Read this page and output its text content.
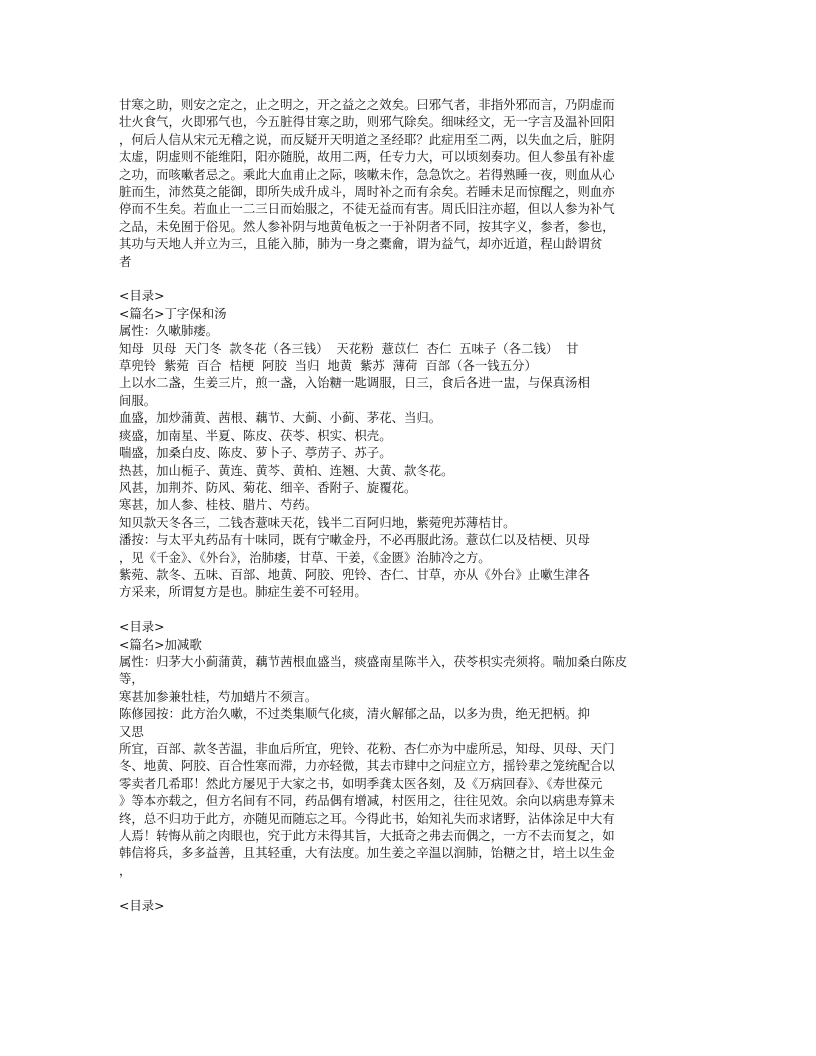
甘寒之助，则安之定之，止之明之，开之益之之效矣。曰邪气者，非指外邪而言，乃阴虚而
壮火食气，火即邪气也，今五脏得甘寒之助，则邪气除矣。细味经文，无一字言及温补回阳
，何后人信从宋元无稽之说，而反疑开天明道之圣经耶？此症用至二两，以失血之后，脏阴
太虚，阴虚则不能维阳，阳亦随脱，故用二两，任专力大，可以顷刻奏功。但人参虽有补虚
之功，而咳嗽者忌之。乘此大血甫止之际，咳嗽未作，急急饮之。若得熟睡一夜，则血从心
脏而生，沛然莫之能御，即所失成升成斗，周时补之而有余矣。若睡未足而惊醒之，则血亦
停而不生矣。若血止一二三日而始服之，不徒无益而有害。周氏旧注亦超，但以人参为补气
之品，未免囿于俗见。然人参补阴与地黄龟板之一于补阴者不同，按其字义，参者，参也，
其功与天地人并立为三，且能入肺，肺为一身之橐龠，谓为益气，却亦近道，程山龄谓贫
者
<目录>
<篇名>丁字保和汤
属性：久嗽肺痿。
知母  贝母  天门冬  款冬花（各三钱）  天花粉  薏苡仁  杏仁  五味子（各二钱）  甘
草兜铃  紫菀  百合  桔梗  阿胶  当归  地黄  紫苏  薄荷  百部（各一钱五分）
上以水二盏，生姜三片，煎一盏，入饴糖一匙调服，日三，食后各进一盅，与保真汤相
间服。
血盛，加炒蒲黄、茜根、藕节、大蓟、小蓟、茅花、当归。
痰盛，加南星、半夏、陈皮、茯苓、枳实、枳壳。
喘盛，加桑白皮、陈皮、萝卜子、葶苈子、苏子。
热甚，加山栀子、黄连、黄芩、黄柏、连翘、大黄、款冬花。
风甚，加荆芥、防风、菊花、细辛、香附子、旋覆花。
寒甚，加人参、桂枝、腊片、芍药。
知贝款天冬各三，二钱杏薏味天花，钱半二百阿归地，紫菀兜苏薄桔甘。
潘按：与太平丸药品有十味同，既有宁嗽金丹，不必再服此汤。薏苡仁以及桔梗、贝母
，见《千金》、《外台》，治肺痿，甘草、干姜，《金匮》治肺冷之方。
紫菀、款冬、五味、百部、地黄、阿胶、兜铃、杏仁、甘草，亦从《外台》止嗽生津各
方采来，所谓复方是也。肺症生姜不可轻用。
<目录>
<篇名>加减歌
属性：归茅大小蓟蒲黄，藕节茜根血盛当，痰盛南星陈半入，茯苓枳实壳须将。喘加桑白陈皮
等，
寒甚加参兼牡桂，芍加蜡片不须言。
陈修园按：此方治久嗽，不过类集顺气化痰，清火解郁之品，以多为贵，绝无把柄。抑
又思
所宜，百部、款冬苦温，非血后所宜，兜铃、花粉、杏仁亦为中虚所忌，知母、贝母、天门
冬、地黄、阿胶、百合性寒而滞，力亦轻微，其去市肆中之问症立方，摇铃辈之笼统配合以
零卖者几希耶！然此方屡见于大家之书，如明季龚太医各刻，及《万病回春》、《寿世葆元
》等本亦载之，但方名间有不同，药品偶有增减，村医用之，往往见效。余向以病患寿算未
终，总不归功于此方，亦随见而随忘之耳。今得此书，始知礼失而求诸野，沾体涂足中大有
人焉！转悔从前之肉眼也，究于此方未得其旨，大抵奇之弗去而偶之，一方不去而复之，如
韩信将兵，多多益善，且其轻重，大有法度。加生姜之辛温以润肺，饴糖之甘，培土以生金
，
<目录>
